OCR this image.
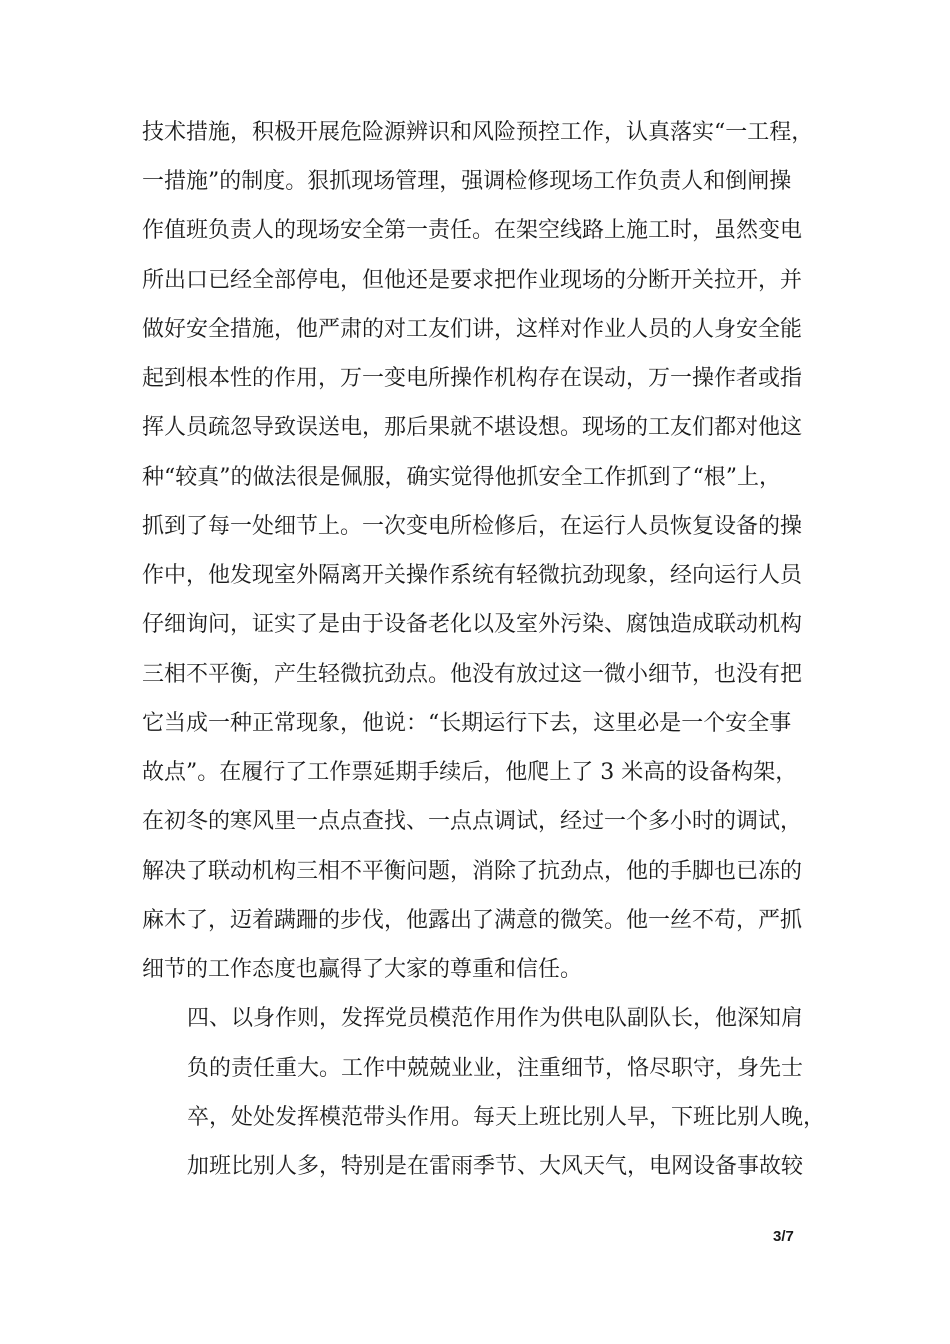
技术措施，积极开展危险源辨识和风险预控工作，认真落实“一工程，
一措施”的制度。狠抓现场管理，强调检修现场工作负责人和倒闸操
作值班负责人的现场安全第一责任。在架空线路上施工时，虽然变电
所出口已经全部停电，但他还是要求把作业现场的分断开关拉开，并
做好安全措施，他严肃的对工友们讲，这样对作业人员的人身安全能
起到根本性的作用，万一变电所操作机构存在误动，万一操作者或指
挥人员疏忽导致误送电，那后果就不堪设想。现场的工友们都对他这
种“较真”的做法很是佩服，确实觉得他抓安全工作抓到了“根”上，
抓到了每一处细节上。一次变电所检修后，在运行人员恢复设备的操
作中，他发现室外隔离开关操作系统有轻微抗劲现象，经向运行人员
仔细询问，证实了是由于设备老化以及室外污染、腐蚀造成联动机构
三相不平衡，产生轻微抗劲点。他没有放过这一微小细节，也没有把
它当成一种正常现象，他说：“长期运行下去，这里必是一个安全事
故点”。在履行了工作票延期手续后，他爬上了 3 米高的设备构架，
在初冬的寒风里一点点查找、一点点调试，经过一个多小时的调试，
解决了联动机构三相不平衡问题，消除了抗劲点，他的手脚也已冻的
麻木了，迈着蹒跚的步伐，他露出了满意的微笑。他一丝不苟，严抓
细节的工作态度也赢得了大家的尊重和信任。
四、以身作则，发挥党员模范作用作为供电队副队长，他深知肩
负的责任重大。工作中兢兢业业，注重细节，恪尽职守，身先士
卒，处处发挥模范带头作用。每天上班比别人早，下班比别人晚，
加班比别人多，特别是在雷雨季节、大风天气，电网设备事故较
3/7
